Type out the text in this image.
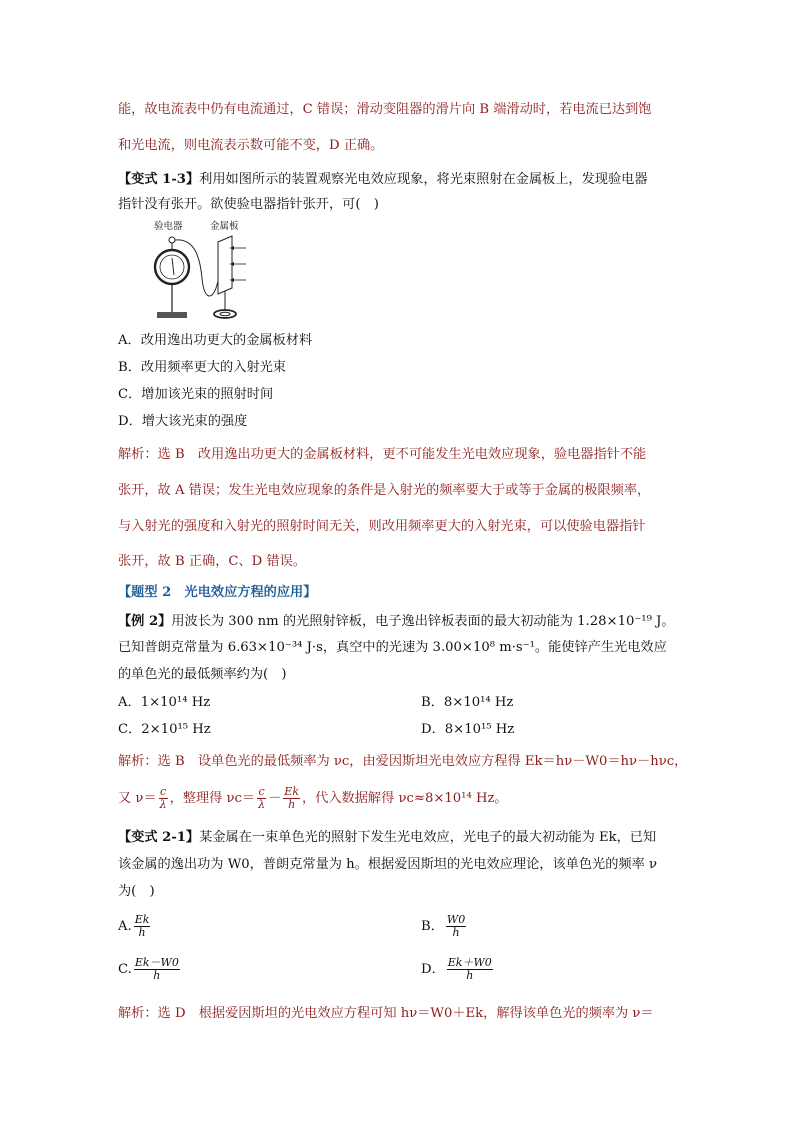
能，故电流表中仍有电流通过，C 错误；滑动变阻器的滑片向 B 端滑动时，若电流已达到饱
和光电流，则电流表示数可能不变，D 正确。
【变式 1-3】利用如图所示的装置观察光电效应现象，将光束照射在金属板上，发现验电器
指针没有张开。欲使验电器指针张开，可(　)
验电器	金属板
A．改用逸出功更大的金属板材料
B．改用频率更大的入射光束
C．增加该光束的照射时间
D．增大该光束的强度
解析：选 B　改用逸出功更大的金属板材料，更不可能发生光电效应现象，验电器指针不能
张开，故 A 错误；发生光电效应现象的条件是入射光的频率要大于或等于金属的极限频率，
与入射光的强度和入射光的照射时间无关，则改用频率更大的入射光束，可以使验电器指针
张开，故 B 正确，C、D 错误。
【题型 2　光电效应方程的应用】
【例 2】用波长为 300 nm 的光照射锌板，电子逸出锌板表面的最大初动能为 1.28×10⁻¹⁹ J。
已知普朗克常量为 6.63×10⁻³⁴ J·s，真空中的光速为 3.00×10⁸ m·s⁻¹。能使锌产生光电效应
的单色光的最低频率约为(　)
A．1×10¹⁴ Hz	B．8×10¹⁴ Hz
C．2×10¹⁵ Hz	D．8×10¹⁵ Hz
解析：选 B　设单色光的最低频率为 νc，由爱因斯坦光电效应方程得 Ek＝hν－W0＝hν－hνc，
又 $\nu= \frac{c}{\lambda}$ ，整理得 $\nu c= \frac{c}{\lambda} - \frac{Ek}{h}$ ，代入数据解得 νc≈8×10¹⁴ Hz。
【变式 2-1】某金属在一束单色光的照射下发生光电效应，光电子的最大初动能为 Ek，已知
该金属的逸出功为 W0，普朗克常量为 h。根据爱因斯坦的光电效应理论，该单色光的频率 ν
为(　)
A. $\frac{Ek}{h}$	B． $\frac{W0}{h}$
C. $\frac{Ek-W0}{h}$	D． $\frac{Ek+W0}{h}$
解析：选 D　根据爱因斯坦的光电效应方程可知 hν＝W0＋Ek，解得该单色光的频率为 ν＝
